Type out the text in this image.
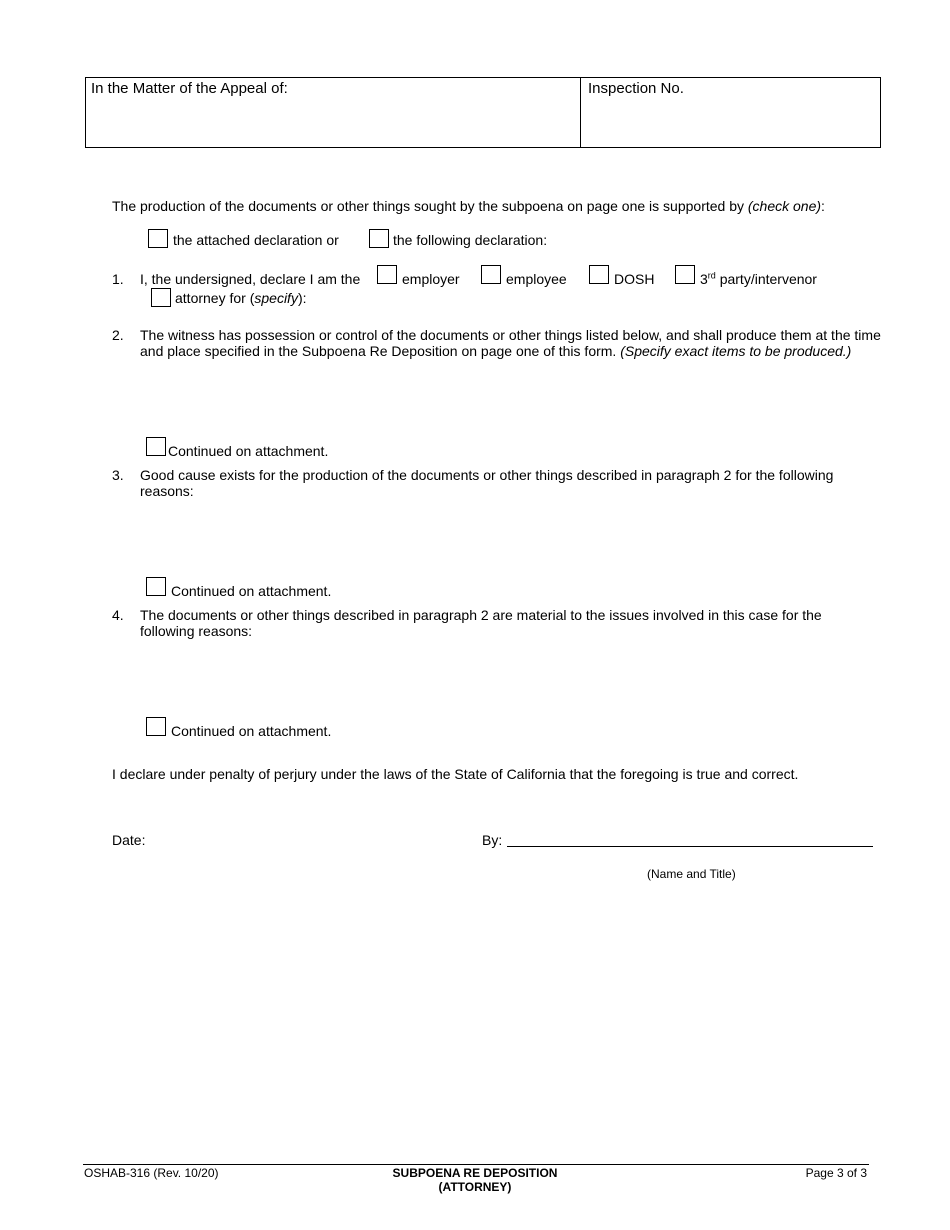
In the Matter of the Appeal of:	Inspection No.
The production of the documents or other things sought by the subpoena on page one is supported by (check one):
the attached declaration or	the following declaration:
1. I, the undersigned, declare I am the	employer	employee	DOSH	3rd party/intervenor
attorney for (specify):
2. The witness has possession or control of the documents or other things listed below, and shall produce them at the time
and place specified in the Subpoena Re Deposition on page one of this form. (Specify exact items to be produced.)
Continued on attachment.
3. Good cause exists for the production of the documents or other things described in paragraph 2 for the following
reasons:
Continued on attachment.
4. The documents or other things described in paragraph 2 are material to the issues involved in this case for the
following reasons:
Continued on attachment.
I declare under penalty of perjury under the laws of the State of California that the foregoing is true and correct.
Date:	By:
(Name and Title)
OSHAB-316 (Rev. 10/20)	SUBPOENA RE DEPOSITION
(ATTORNEY)
Page 3 of 3
